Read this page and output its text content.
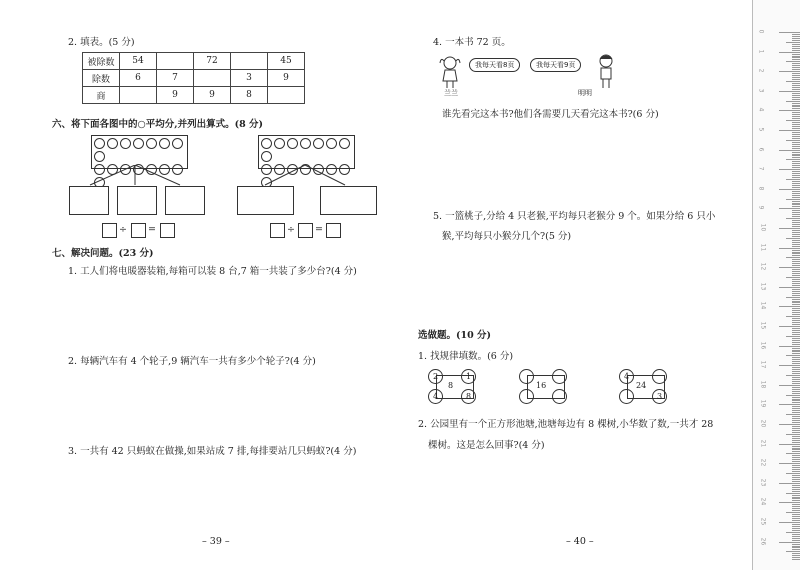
2. 填表。(5 分)
被除数	54		72		45
除数	6	7		3	9
商		9	9	8	
六、将下面各图中的○平均分,并列出算式。(8 分)
÷ =	÷ =
七、解决问题。(23 分)
1. 工人们将电暖器装箱,每箱可以装 8 台,7 箱一共装了多少台?(4 分)
2. 每辆汽车有 4 个轮子,9 辆汽车一共有多少个轮子?(4 分)
3. 一共有 42 只蚂蚁在做操,如果站成 7 排,每排要站几只蚂蚁?(4 分)
– 39 –
4. 一本书 72 页。
我每天看8页	我每天看9页
兰兰	明明
谁先看完这本书?他们各需要几天看完这本书?(6 分)
5. 一篮桃子,分给 4 只老猴,平均每只老猴分 9 个。如果分给 6 只小
猴,平均每只小猴分几个?(5 分)
选做题。(10 分)
1. 找规律填数。(6 分)
2	1
4	8
8	16
4
3
24
2. 公园里有一个正方形池塘,池塘每边有 8 棵树,小华数了数,一共才 28
棵树。这是怎么回事?(4 分)
– 40 –
0
1
2
3
4
5
6
7
8
9
10
11
12
13
14
15
16
17
18
19
20
21
22
23
24
25
26
